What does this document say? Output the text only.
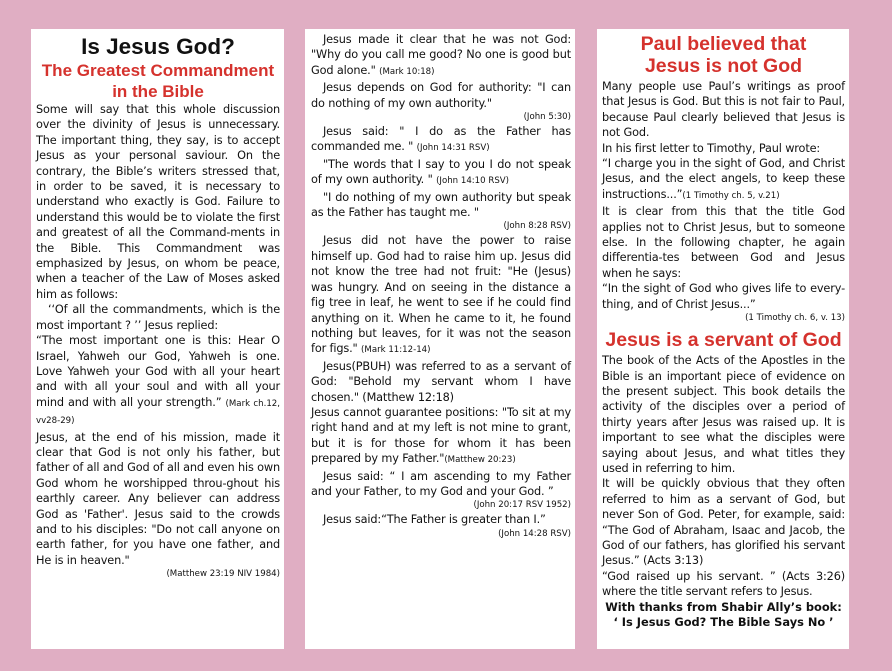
Is Jesus God?
The Greatest Commandment
in the Bible

Some will say that this whole discussion over the divinity of Jesus is unnecessary. The important thing, they say, is to accept Jesus as your personal saviour. On the contrary, the Bible’s writers stressed that, in order to be saved, it is necessary to understand who exactly is God. Failure to understand this would be to violate the first and greatest of all the Command-ments in the Bible. This Commandment was emphasized by Jesus, on whom be peace, when a teacher of the Law of Moses asked him as follows:

‘‘Of all the commandments, which is the most important ? ’’ Jesus replied:

“The most important one is this: Hear O Israel, Yahweh our God, Yahweh is one. Love Yahweh your God with all your heart and with all your soul and with all your mind and with all your strength.” (Mark ch.12, vv28-29)

Jesus, at the end of his mission, made it clear that God is not only his father, but father of all and God of all and even his own God whom he worshipped throu-ghout his earthly career. Any believer can address God as 'Father'. Jesus said to the crowds and to his disciples: "Do not call anyone on earth father, for you have one father, and He is in heaven."

(Matthew 23:19 NIV 1984)

Jesus made it clear that he was not God: "Why do you call me good? No one is good but God alone." (Mark 10:18)

Jesus depends on God for authority: "I can do nothing of my own authority."

(John 5:30)

Jesus said: " I do as the Father has commanded me. " (John 14:31 RSV)

"The words that I say to you I do not speak of my own authority. " (John 14:10 RSV)

"I do nothing of my own authority but speak as the Father has taught me. "

(John 8:28 RSV)

Jesus did not have the power to raise himself up. God had to raise him up. Jesus did not know the tree had not fruit: "He (Jesus) was hungry. And on seeing in the distance a fig tree in leaf, he went to see if he could find anything on it. When he came to it, he found nothing but leaves, for it was not the season for figs." (Mark 11:12-14)

Jesus(PBUH) was referred to as a servant of God: "Behold my servant whom I have chosen." (Matthew 12:18)

Jesus cannot guarantee positions: "To sit at my right hand and at my left is not mine to grant, but it is for those for whom it has been prepared by my Father."(Matthew 20:23)

Jesus said: “ I am ascending to my Father and your Father, to my God and your God. ”

(John 20:17 RSV 1952)

Jesus said:“The Father is greater than I.”

(John 14:28 RSV)

Paul believed that
Jesus is not God

Many people use Paul’s writings as proof that Jesus is God. But this is not fair to Paul, because Paul clearly believed that Jesus is not God.

In his first letter to Timothy, Paul wrote:

“I charge you in the sight of God, and Christ Jesus, and the elect angels, to keep these instructions...”(1 Timothy ch. 5, v.21)

It is clear from this that the title God applies not to Christ Jesus, but to someone else. In the following chapter, he again differentia-tes between God and Jesus when he says:

“In the sight of God who gives life to every-thing, and of Christ Jesus...”

(1 Timothy ch. 6, v. 13)

Jesus is a servant of God

The book of the Acts of the Apostles in the Bible is an important piece of evidence on the present subject. This book details the activity of the disciples over a period of thirty years after Jesus was raised up. It is important to see what the disciples were saying about Jesus, and what titles they used in referring to him.

It will be quickly obvious that they often referred to him as a servant of God, but never Son of God. Peter, for example, said: “The God of Abraham, Isaac and Jacob, the God of our fathers, has glorified his servant Jesus.” (Acts 3:13)

“God raised up his servant. ” (Acts 3:26) where the title servant refers to Jesus.

With thanks from Shabir Ally’s book:
‘ Is Jesus God? The Bible Says No ’
